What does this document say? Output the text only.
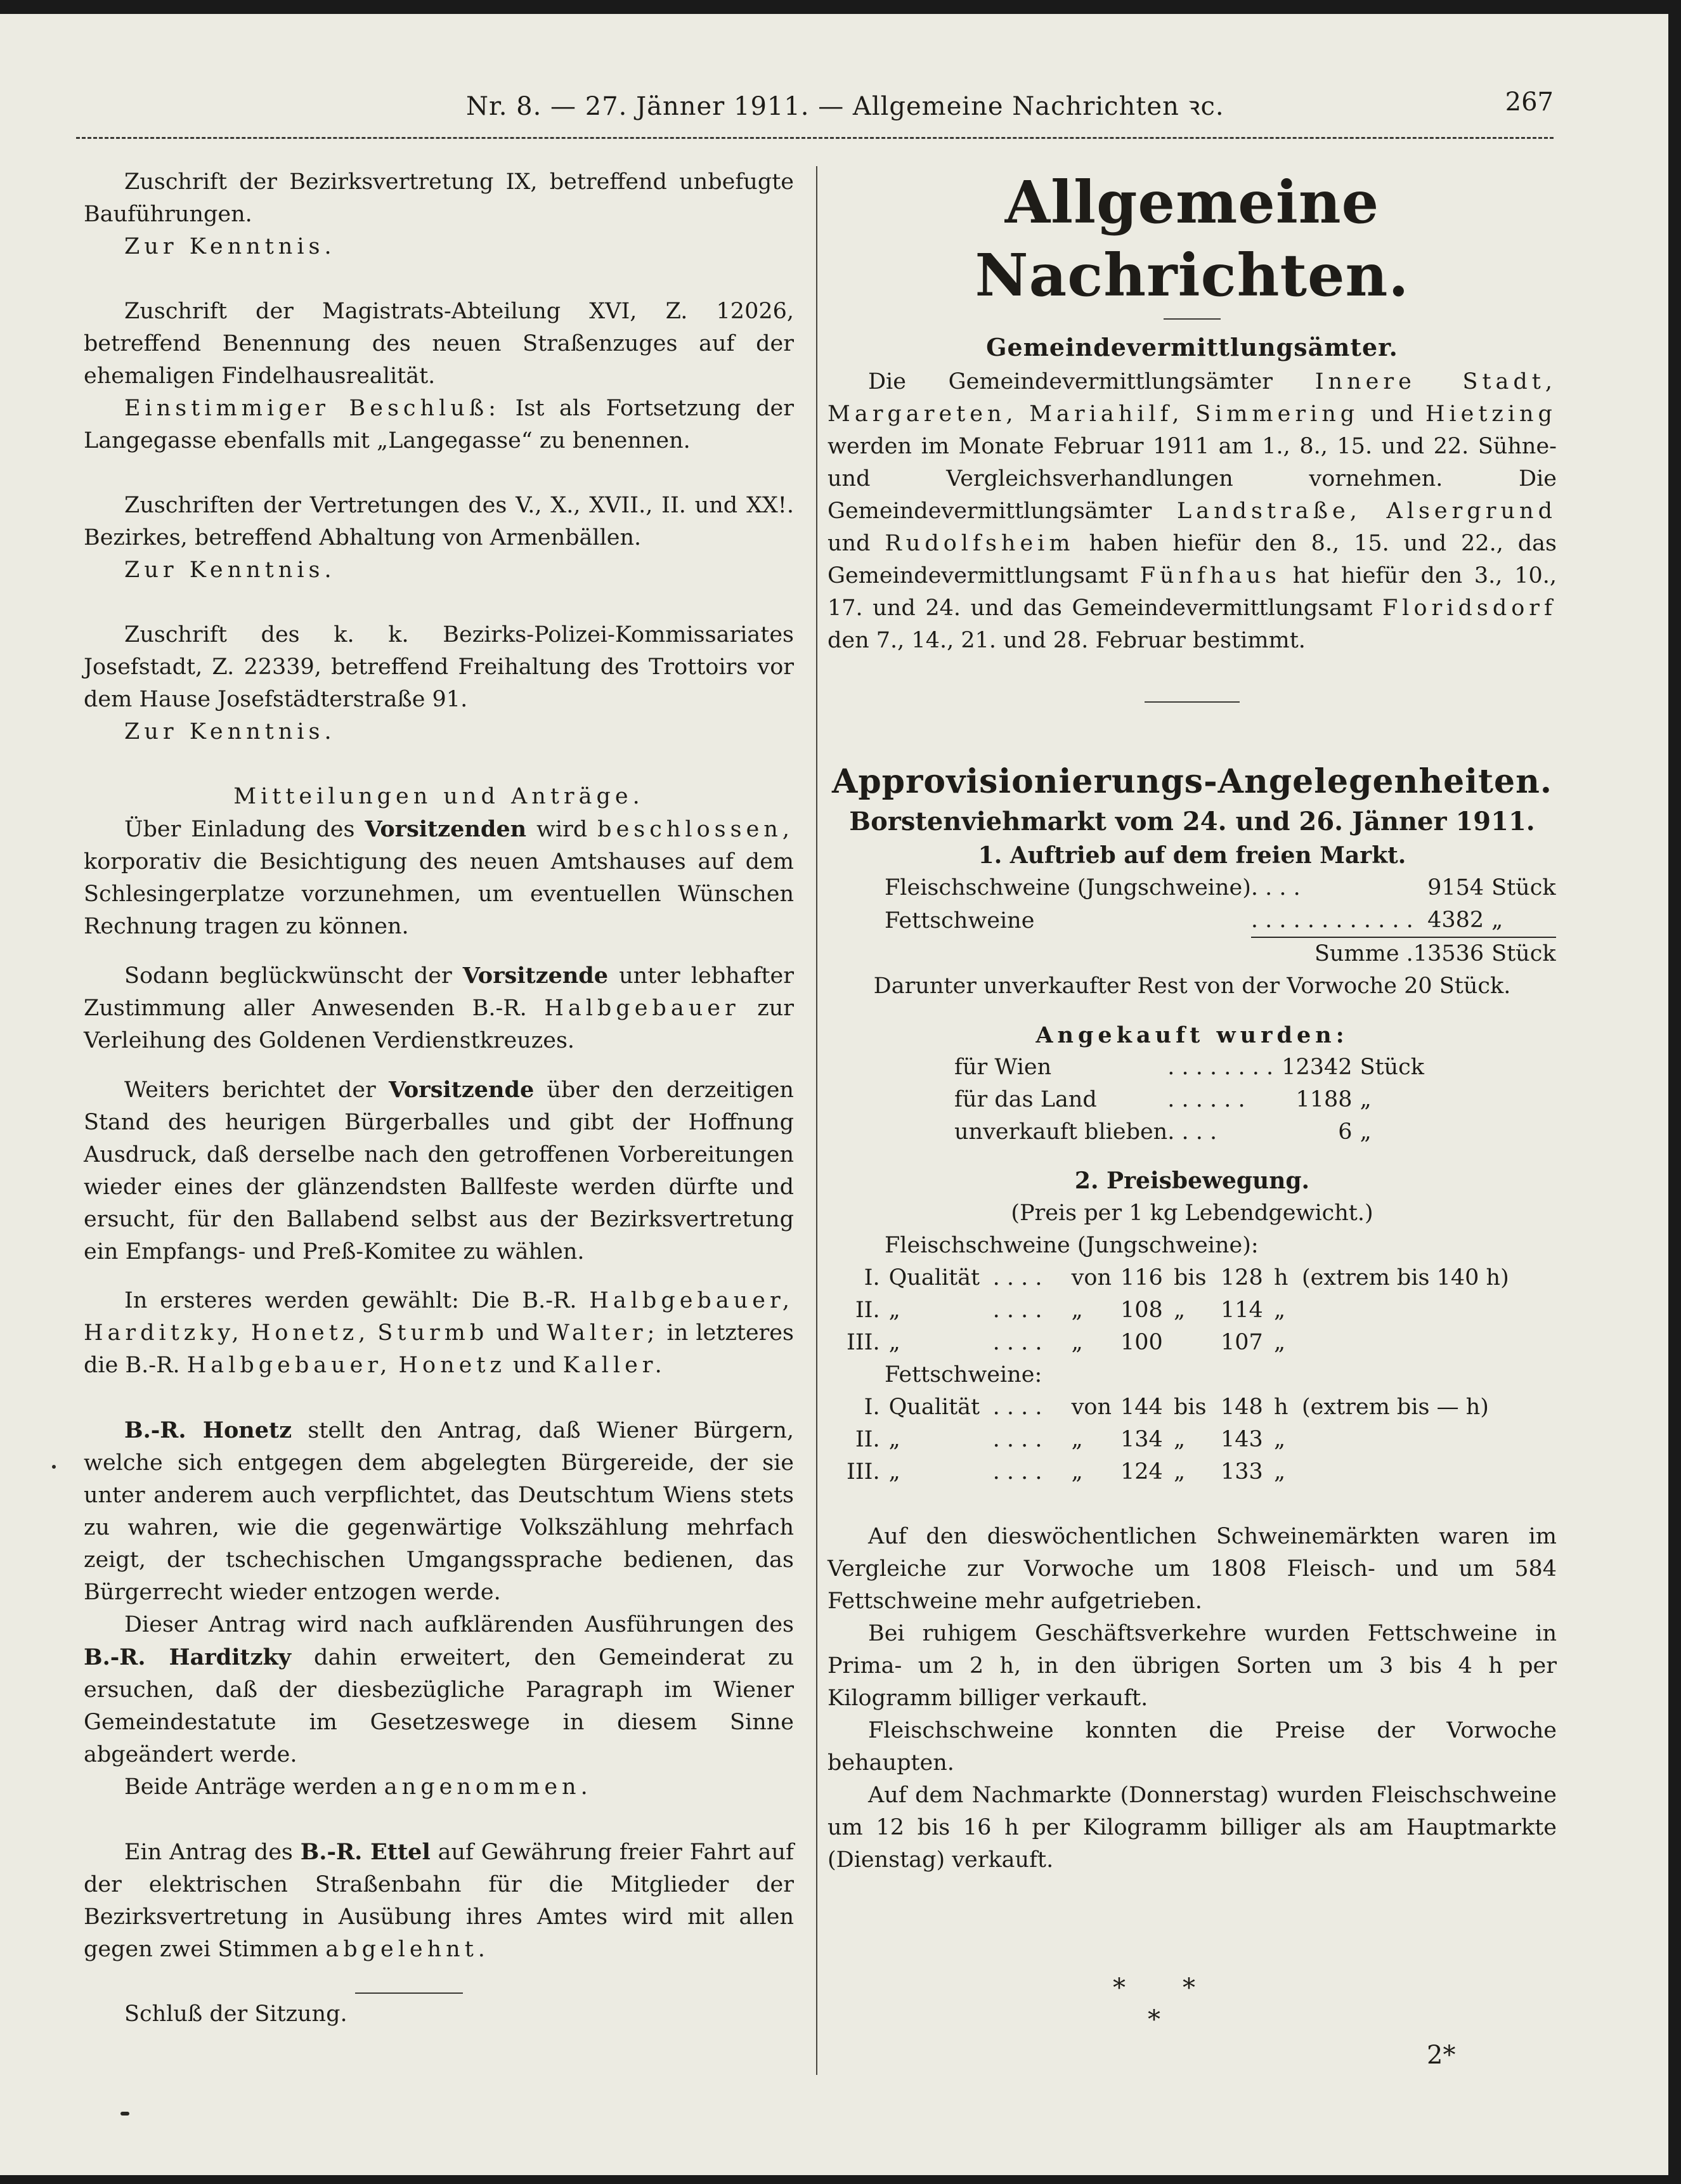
Nr. 8. — 27. Jänner 1911. — Allgemeine Nachrichten ꝛc.	267

Zuschrift der Bezirksvertretung IX, betreffend unbefugte Bauführungen.

Zur Kenntnis.

Zuschrift der Magistrats-Abteilung XVI, Z. 12026, betreffend Benennung des neuen Straßenzuges auf der ehemaligen Findelhausrealität.

Einstimmiger Beschluß: Ist als Fortsetzung der Langegasse ebenfalls mit „Langegasse“ zu benennen.

Zuschriften der Vertretungen des V., X., XVII., II. und XX!. Bezirkes, betreffend Abhaltung von Armenbällen.

Zur Kenntnis.

Zuschrift des k. k. Bezirks-Polizei-Kommissariates Josefstadt, Z. 22339, betreffend Freihaltung des Trottoirs vor dem Hause Josefstädterstraße 91.

Zur Kenntnis.

Mitteilungen und Anträge.

Über Einladung des Vorsitzenden wird beschlossen, korporativ die Besichtigung des neuen Amtshauses auf dem Schlesingerplatze vorzunehmen, um eventuellen Wünschen Rechnung tragen zu können.

Sodann beglückwünscht der Vorsitzende unter lebhafter Zustimmung aller Anwesenden B.-R. Halbgebauer zur Verleihung des Goldenen Verdienstkreuzes.

Weiters berichtet der Vorsitzende über den derzeitigen Stand des heurigen Bürgerballes und gibt der Hoffnung Ausdruck, daß derselbe nach den getroffenen Vorbereitungen wieder eines der glänzendsten Ballfeste werden dürfte und ersucht, für den Ballabend selbst aus der Bezirksvertretung ein Empfangs- und Preß-Komitee zu wählen.

In ersteres werden gewählt: Die B.-R. Halbgebauer, Harditzky, Honetz, Sturmb und Walter; in letzteres die B.-R. Halbgebauer, Honetz und Kaller.

B.-R. Honetz stellt den Antrag, daß Wiener Bürgern, welche sich entgegen dem abgelegten Bürgereide, der sie unter anderem auch verpflichtet, das Deutschtum Wiens stets zu wahren, wie die gegenwärtige Volkszählung mehrfach zeigt, der tschechischen Umgangssprache bedienen, das Bürgerrecht wieder entzogen werde.

Dieser Antrag wird nach aufklärenden Ausführungen des B.-R. Harditzky dahin erweitert, den Gemeinderat zu ersuchen, daß der diesbezügliche Paragraph im Wiener Gemeindestatute im Gesetzeswege in diesem Sinne abgeändert werde.

Beide Anträge werden angenommen.

Ein Antrag des B.-R. Ettel auf Gewährung freier Fahrt auf der elektrischen Straßenbahn für die Mitglieder der Bezirksvertretung in Ausübung ihres Amtes wird mit allen gegen zwei Stimmen abgelehnt.

Schluß der Sitzung.

Allgemeine Nachrichten.
Gemeindevermittlungsämter.

Die Gemeindevermittlungsämter Innere Stadt, Margareten, Mariahilf, Simmering und Hietzing werden im Monate Februar 1911 am 1., 8., 15. und 22. Sühne- und Vergleichsverhandlungen vornehmen. Die Gemeindevermittlungsämter Landstraße, Alsergrund und Rudolfsheim haben hiefür den 8., 15. und 22., das Gemeindevermittlungsamt Fünfhaus hat hiefür den 3., 10., 17. und 24. und das Gemeindevermittlungsamt Floridsdorf den 7., 14., 21. und 28. Februar bestimmt.

Approvisionierungs-Angelegenheiten.
Borstenviehmarkt vom 24. und 26. Jänner 1911.
1. Auftrieb auf dem freien Markt.
Fleischschweine (Jungschweine)	. . . .	9154	Stück
Fettschweine	. . . . . . . . . . . .	4382	„
	Summe .	13536	Stück

Darunter unverkaufter Rest von der Vorwoche 20 Stück.

Angekauft wurden:

für Wien	. . . . . . . .	12342	Stück
für das Land	. . . . . .	1188	„
unverkauft blieben	. . . .	6	„
2. Preisbewegung.

(Preis per 1 kg Lebendgewicht.)

Fleischschweine (Jungschweine):

I.	Qualität	. . . .	von	116	bis	128	h	(extrem bis 140 h)
II.	„	. . . .	„	108	„	114	„	
III.	„	. . . .	„	100		107	„	

Fettschweine:

I.	Qualität	. . . .	von	144	bis	148	h	(extrem bis — h)
II.	„	. . . .	„	134	„	143	„	
III.	„	. . . .	„	124	„	133	„	

Auf den dieswöchentlichen Schweinemärkten waren im Vergleiche zur Vorwoche um 1808 Fleisch- und um 584 Fettschweine mehr aufgetrieben.

Bei ruhigem Geschäftsverkehre wurden Fettschweine in Prima- um 2 h, in den übrigen Sorten um 3 bis 4 h per Kilogramm billiger verkauft.

Fleischschweine konnten die Preise der Vorwoche behaupten.

Auf dem Nachmarkte (Donnerstag) wurden Fleischschweine um 12 bis 16 h per Kilogramm billiger als am Hauptmarkte (Dienstag) verkauft.

* *
*
2*
